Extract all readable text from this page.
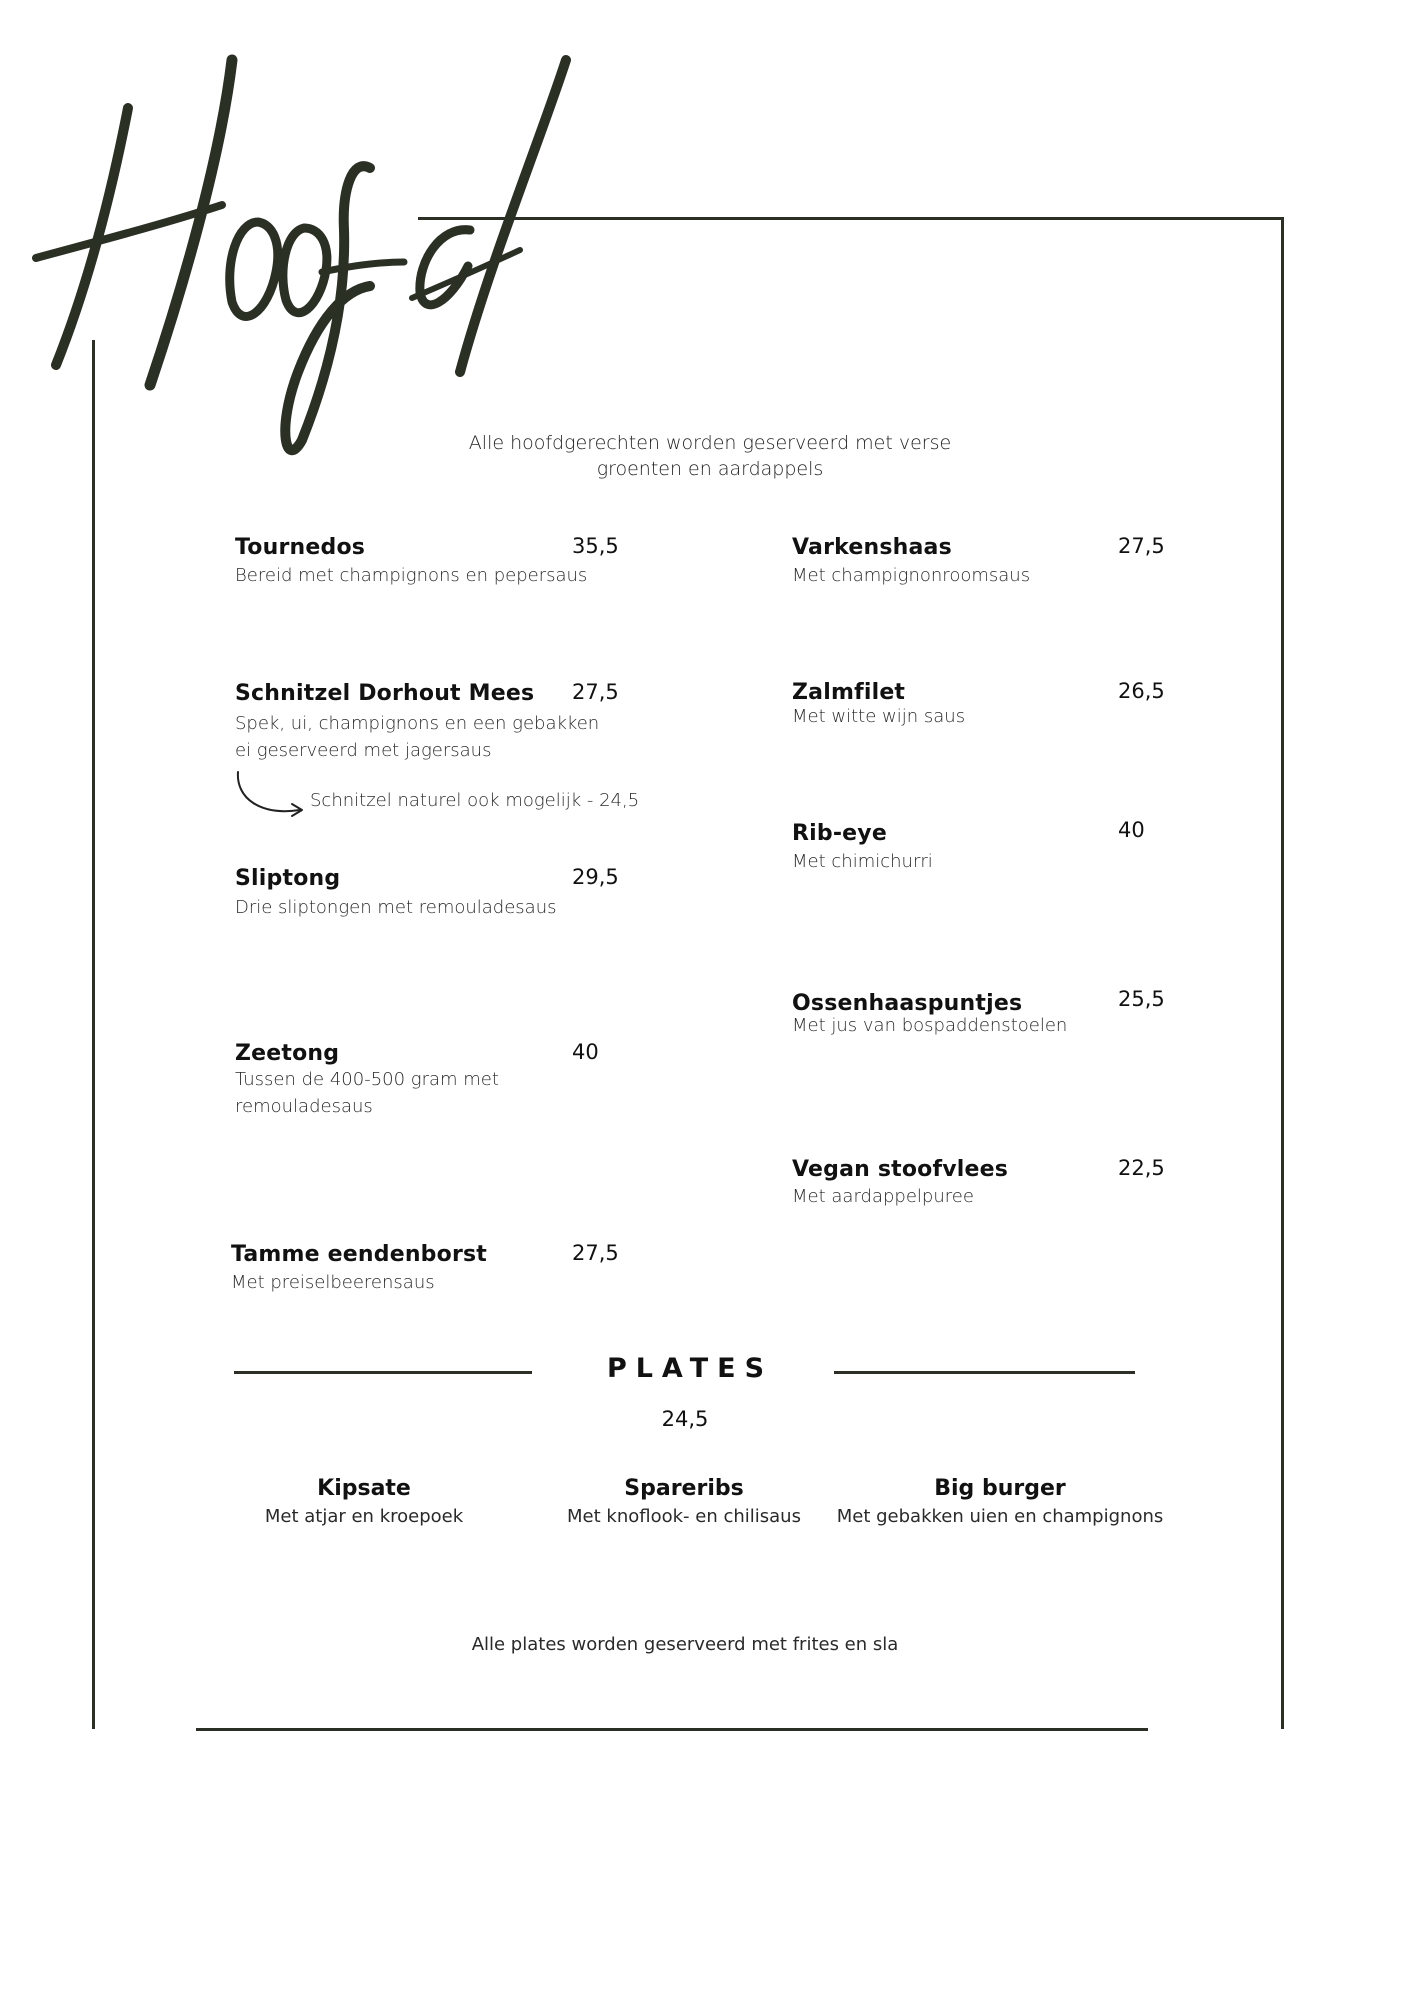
Alle hoofdgerechten worden geserveerd met verse
groenten en aardappels
Tournedos	35,5
Bereid met champignons en pepersaus
Schnitzel Dorhout Mees 27,5
Spek, ui, champignons en een gebakken ei geserveerd met jagersaus
Schnitzel naturel ook mogelijk - 24,5
Sliptong	29,5
Drie sliptongen met remouladesaus
Zeetong	40
Tussen de 400-500 gram met remouladesaus
Tamme eendenborst	27,5
Met preiselbeerensaus
Varkenshaas	27,5
Met champignonroomsaus
Zalmfilet	26,5
Met witte wijn saus
Rib-eye	40
Met chimichurri
Ossenhaaspuntjes	25,5
Met jus van bospaddenstoelen
Vegan stoofvlees	22,5
Met aardappelpuree
PLATES
24,5
Kipsate
Met atjar en kroepoek
Spareribs
Met knoflook- en chilisaus
Big burger
Met gebakken uien en champignons
Alle plates worden geserveerd met frites en sla
